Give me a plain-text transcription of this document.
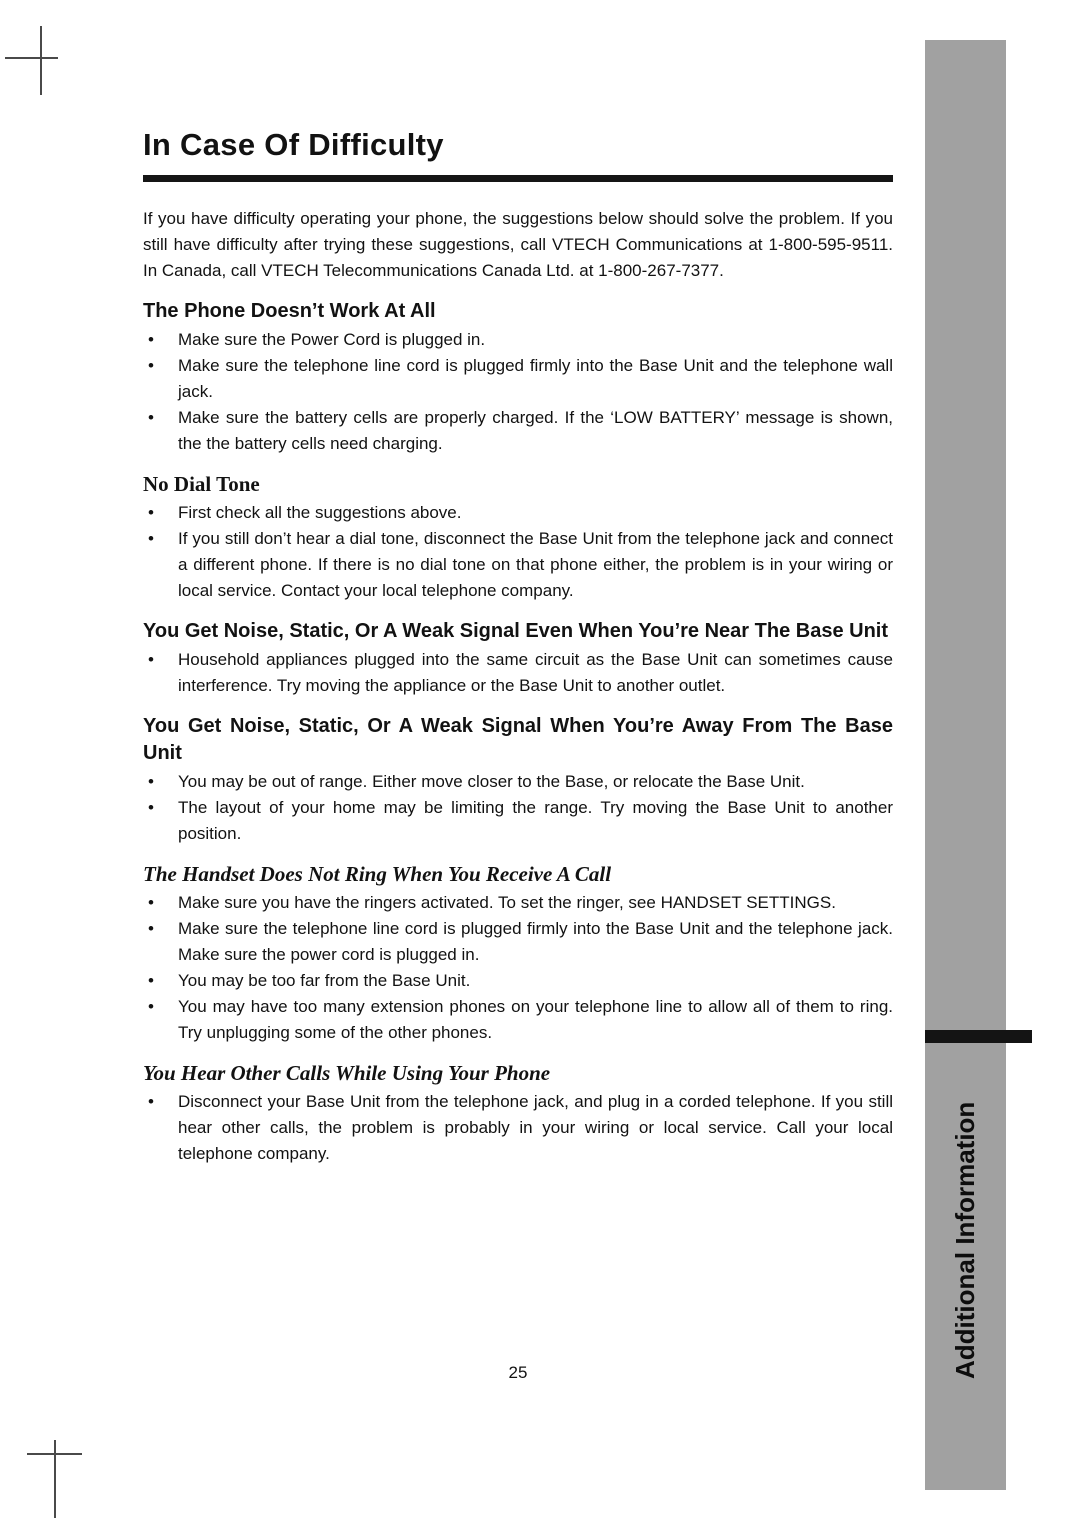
In Case Of Difficulty

If you have difficulty operating your phone, the suggestions below should solve the problem. If you still have difficulty after trying these suggestions, call VTECH Communications at 1-800-595-9511. In Canada, call VTECH Telecommunications Canada Ltd. at 1-800-267-7377.

The Phone Doesn’t Work At All
• Make sure the Power Cord is plugged in.
• Make sure the telephone line cord is plugged firmly into the Base Unit and the telephone wall jack.
• Make sure the battery cells are properly charged. If the ‘LOW BATTERY’ message is shown, the the battery cells need charging.
No Dial Tone
• First check all the suggestions above.
• If you still don’t hear a dial tone, disconnect the Base Unit from the telephone jack and connect a different phone. If there is no dial tone on that phone either, the problem is in your wiring or local service. Contact your local telephone company.
You Get Noise, Static, Or A Weak Signal Even When You’re Near The Base Unit
• Household appliances plugged into the same circuit as the Base Unit can sometimes cause interference. Try moving the appliance or the Base Unit to another outlet.
You Get Noise, Static, Or A Weak Signal When You’re Away From The Base Unit
• You may be out of range. Either move closer to the Base, or relocate the Base Unit.
• The layout of your home may be limiting the range. Try moving the Base Unit to another position.
The Handset Does Not Ring When You Receive A Call
• Make sure you have the ringers activated. To set the ringer, see HANDSET SETTINGS.
• Make sure the telephone line cord is plugged firmly into the Base Unit and the telephone jack. Make sure the power cord is plugged in.
• You may be too far from the Base Unit.
• You may have too many extension phones on your telephone line to allow all of them to ring. Try unplugging some of the other phones.
You Hear Other Calls While Using Your Phone
• Disconnect your Base Unit from the telephone jack, and plug in a corded telephone. If you still hear other calls, the problem is probably in your wiring or local service. Call your local telephone company.
25	Additional Information
